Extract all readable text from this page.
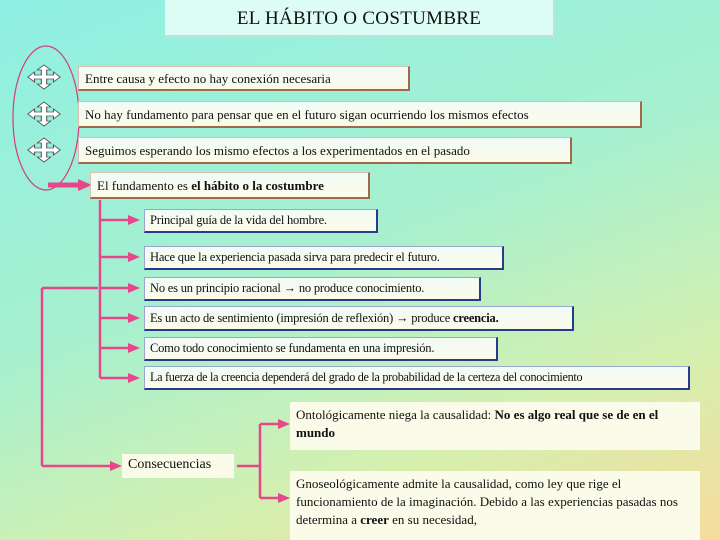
EL HÁBITO O COSTUMBRE
Entre causa y efecto no hay conexión necesaria
No hay fundamento para pensar que en el futuro sigan ocurriendo los mismos efectos
Seguimos esperando los mismo efectos a los experimentados en el pasado
El fundamento es el hábito o la costumbre
Principal guía de la vida del hombre.
Hace que la experiencia pasada sirva para predecir el futuro.
No es un principio racional → no produce conocimiento.
Es un acto de sentimiento (impresión de reflexión) → produce creencia.
Como todo conocimiento se fundamenta en una impresión.
La fuerza de la creencia dependerá del grado de la probabilidad de la certeza del conocimiento
Consecuencias
Ontológicamente niega la causalidad: No es algo real que se de en el mundo
Gnoseológicamente admite la causalidad, como ley que rige el funcionamiento de la imaginación. Debido a las experiencias pasadas nos determina a creer en su necesidad,
